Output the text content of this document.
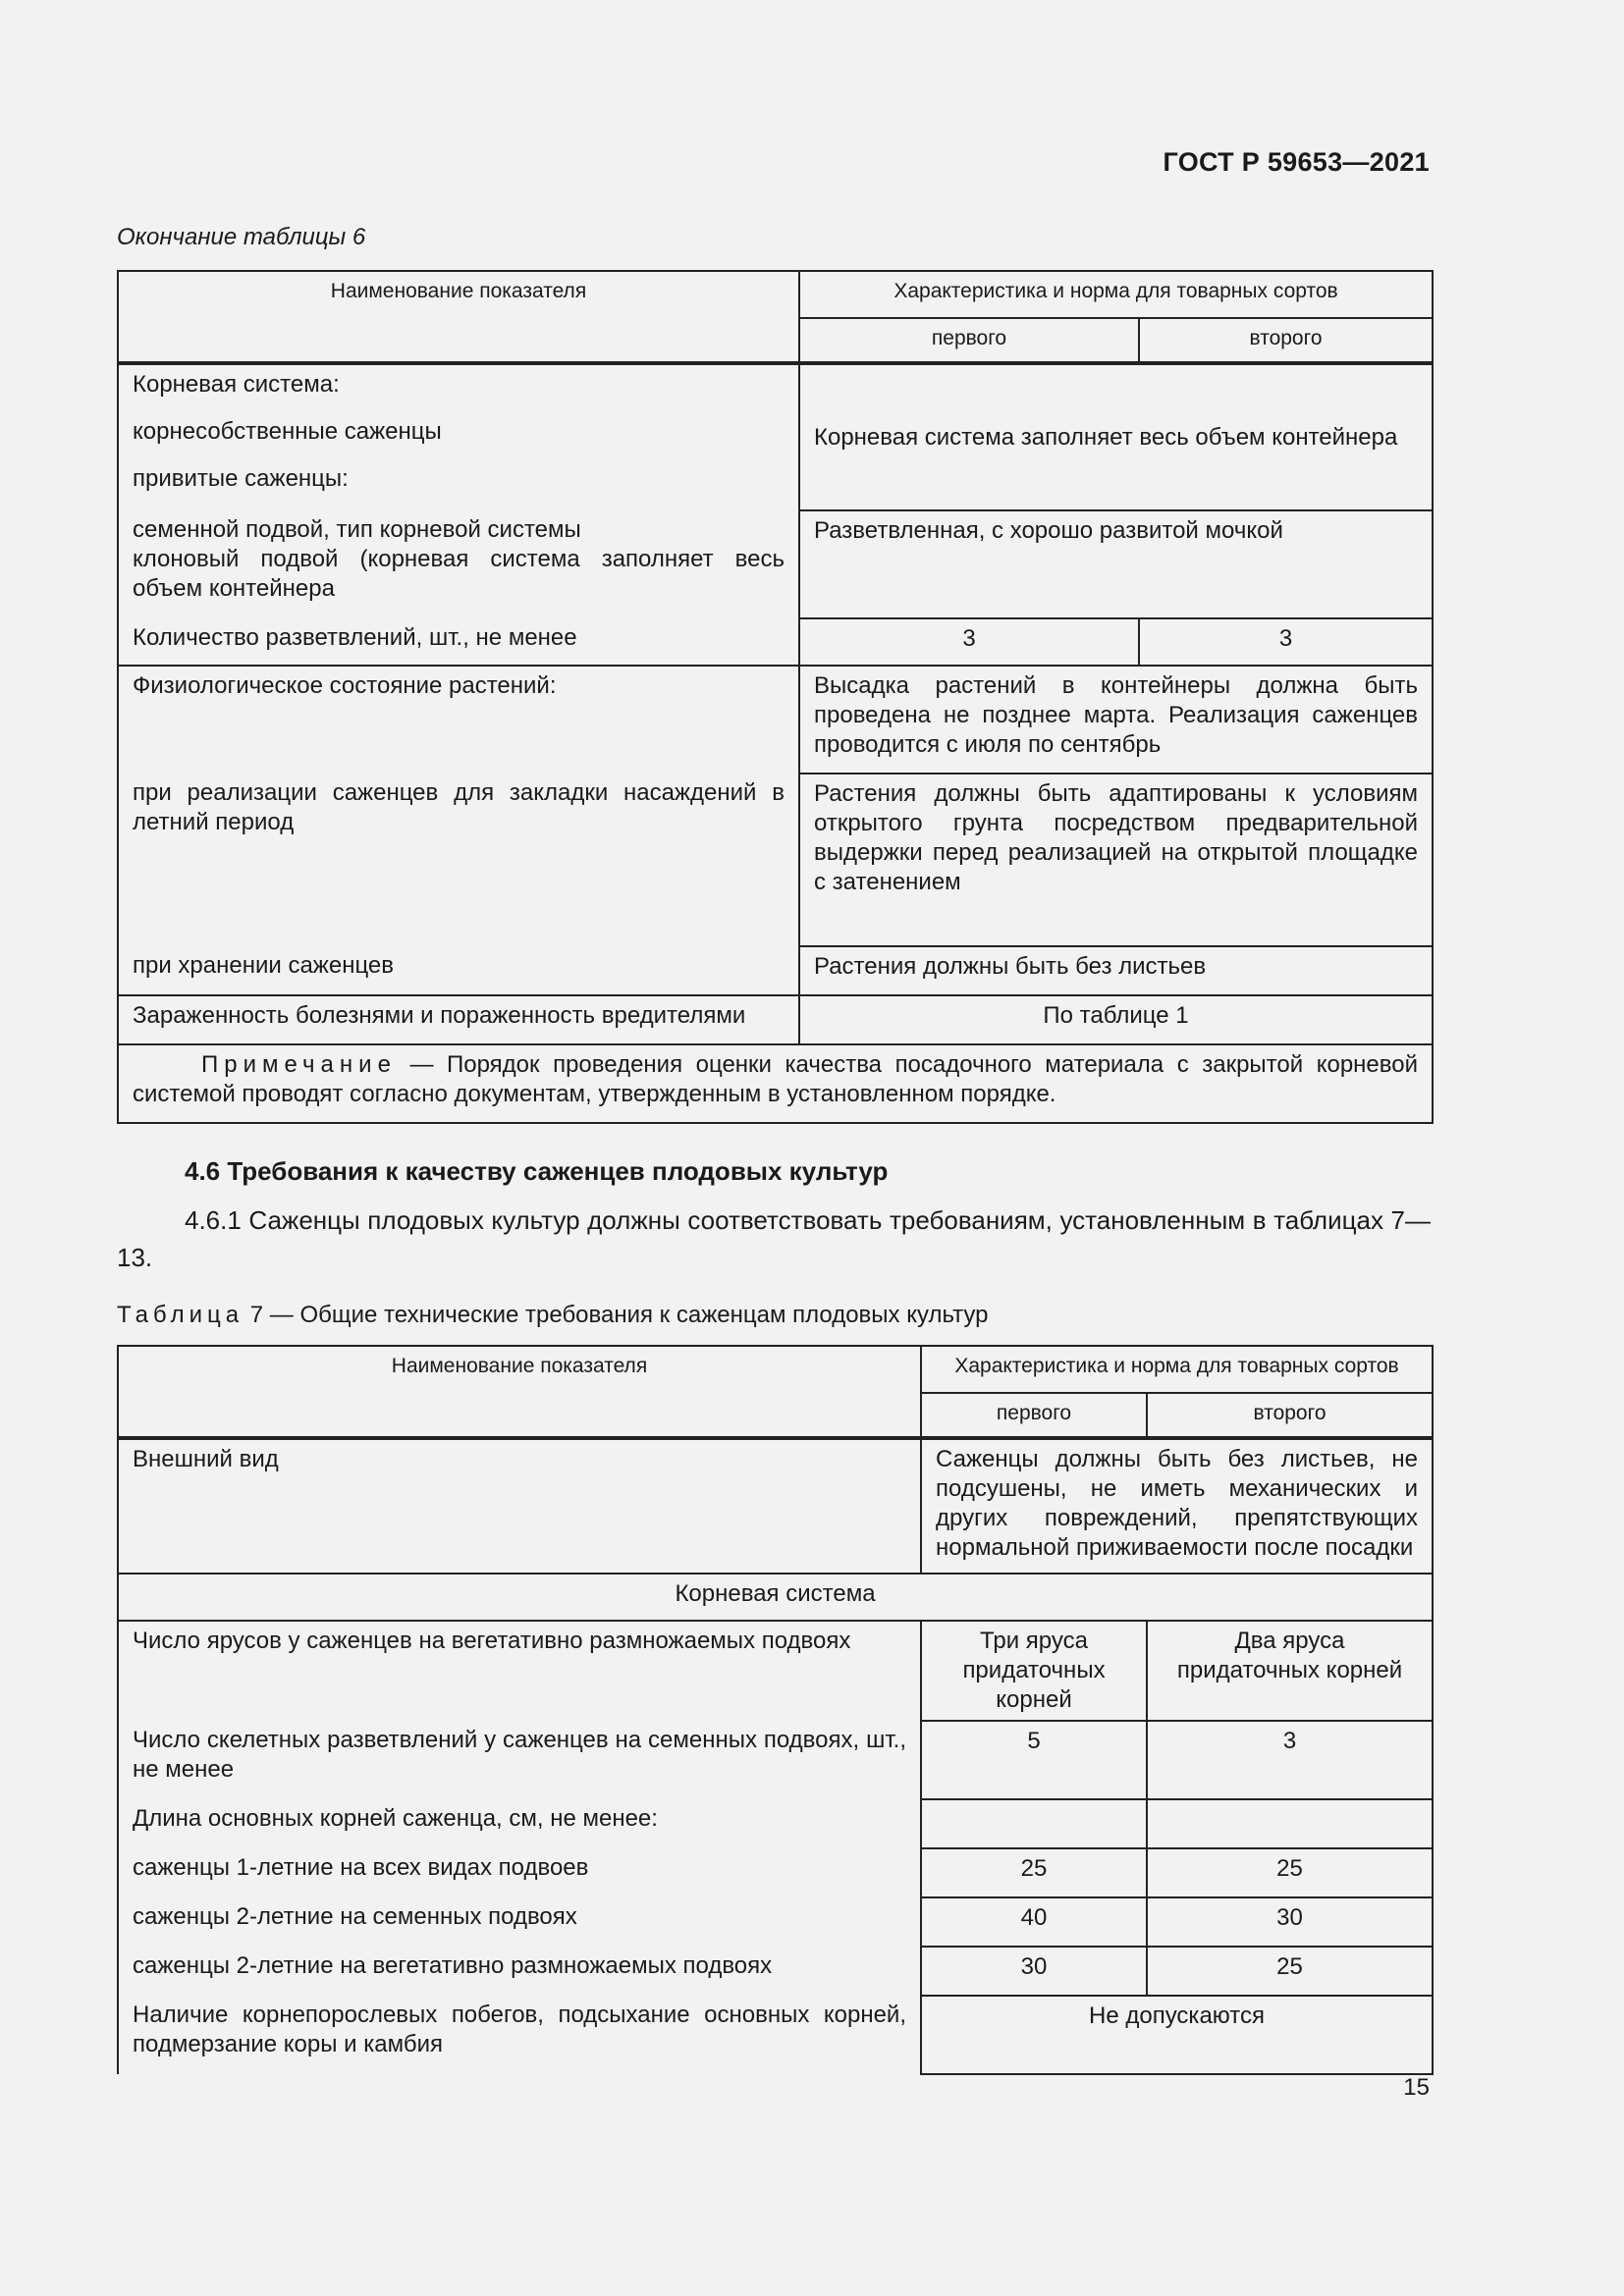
ГОСТ Р 59653—2021
Окончание таблицы 6
Наименование показателя	Характеристика и норма для товарных сортов	
	первого	второго

Корневая система:
корнесобственные саженцы
привитые саженцы:	Корневая система заполняет весь объем контейнера	

семенной подвой, тип корневой системы
клоновый подвой (корневая система заполняет весь объем контейнера	Разветвленная, с хорошо развитой мочкой	
Количество разветвлений, шт., не менее	3	3
Физиологическое состояние растений:	Высадка растений в контейнеры должна быть проведена не позднее марта. Реализация саженцев проводится с июля по сентябрь	
при реализации саженцев для закладки насаждений в летний период	Растения должны быть адаптированы к условиям открытого грунта посредством предварительной выдержки перед реализацией на открытой площадке с затенением	
при хранении саженцев	Растения должны быть без листьев	
Зараженность болезнями и пораженность вредителями	По таблице 1	
Примечание — Порядок проведения оценки качества посадочного материала с закрытой корневой системой проводят согласно документам, утвержденным в установленном порядке.		
4.6 Требования к качеству саженцев плодовых культур
4.6.1 Саженцы плодовых культур должны соответствовать требованиям, установленным в таблицах 7—13.
Таблица 7 — Общие технические требования к саженцам плодовых культур
Наименование показателя	Характеристика и норма для товарных сортов	
	первого	второго
Внешний вид	Саженцы должны быть без листьев, не подсушены, не иметь механических и других повреждений, препятствующих нормальной приживаемости после посадки	
Корневая система		
Число ярусов у саженцев на вегетативно размножаемых подвоях	Три яруса придаточных корней	Два яруса придаточных корней
Число скелетных разветвлений у саженцев на семенных подвоях, шт., не менее	5	3
Длина основных корней саженца, см, не менее:		
саженцы 1-летние на всех видах подвоев	25	25
саженцы 2-летние на семенных подвоях	40	30
саженцы 2-летние на вегетативно размножаемых подвоях	30	25
Наличие корнепорослевых побегов, подсыхание основных корней, подмерзание коры и камбия	Не допускаются	
15
